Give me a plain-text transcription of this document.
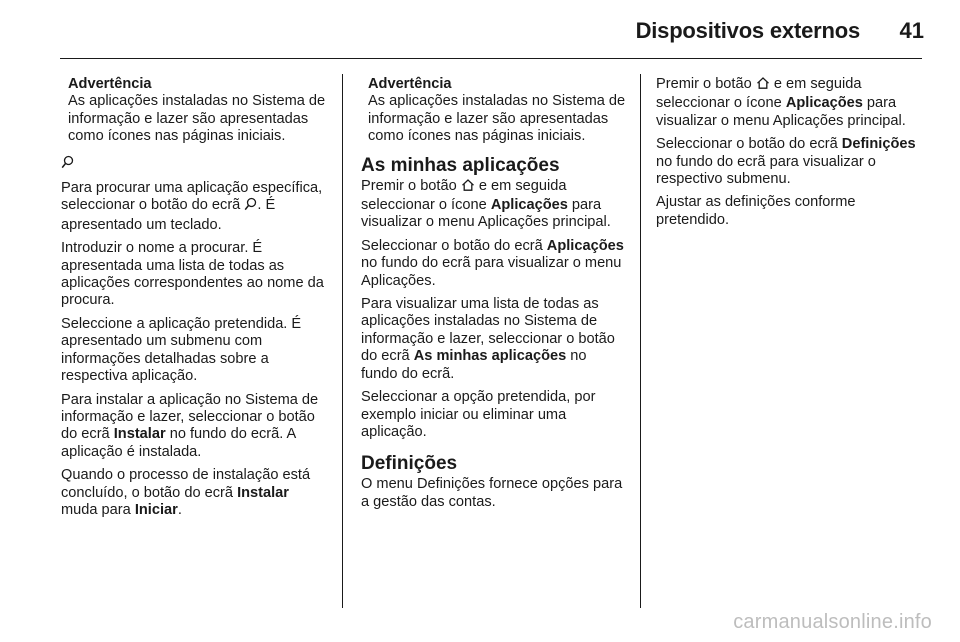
Dispositivos externos	41
Advertência
As aplicações instaladas no Sistema de informação e lazer são apresentadas como ícones nas páginas iniciais.

Para procurar uma aplicação específica, seleccionar o botão do ecrã . É apresentado um teclado.

Introduzir o nome a procurar. É apresentada uma lista de todas as aplicações correspondentes ao nome da procura.

Seleccione a aplicação pretendida. É apresentado um submenu com informações detalhadas sobre a respectiva aplicação.

Para instalar a aplicação no Sistema de informação e lazer, seleccionar o botão do ecrã Instalar no fundo do ecrã. A aplicação é instalada.

Quando o processo de instalação está concluído, o botão do ecrã Instalar muda para Iniciar.

Advertência
As aplicações instaladas no Sistema de informação e lazer são apresentadas como ícones nas páginas iniciais.
As minhas aplicações

Premir o botão  e em seguida seleccionar o ícone Aplicações para visualizar o menu Aplicações principal.

Seleccionar o botão do ecrã Aplicações no fundo do ecrã para visualizar o menu Aplicações.

Para visualizar uma lista de todas as aplicações instaladas no Sistema de informação e lazer, seleccionar o botão do ecrã As minhas aplicações no fundo do ecrã.

Seleccionar a opção pretendida, por exemplo iniciar ou eliminar uma aplicação.

Definições

O menu Definições fornece opções para a gestão das contas.

Premir o botão  e em seguida seleccionar o ícone Aplicações para visualizar o menu Aplicações principal.

Seleccionar o botão do ecrã Definições no fundo do ecrã para visualizar o respectivo submenu.

Ajustar as definições conforme pretendido.

carmanualsonline.info
